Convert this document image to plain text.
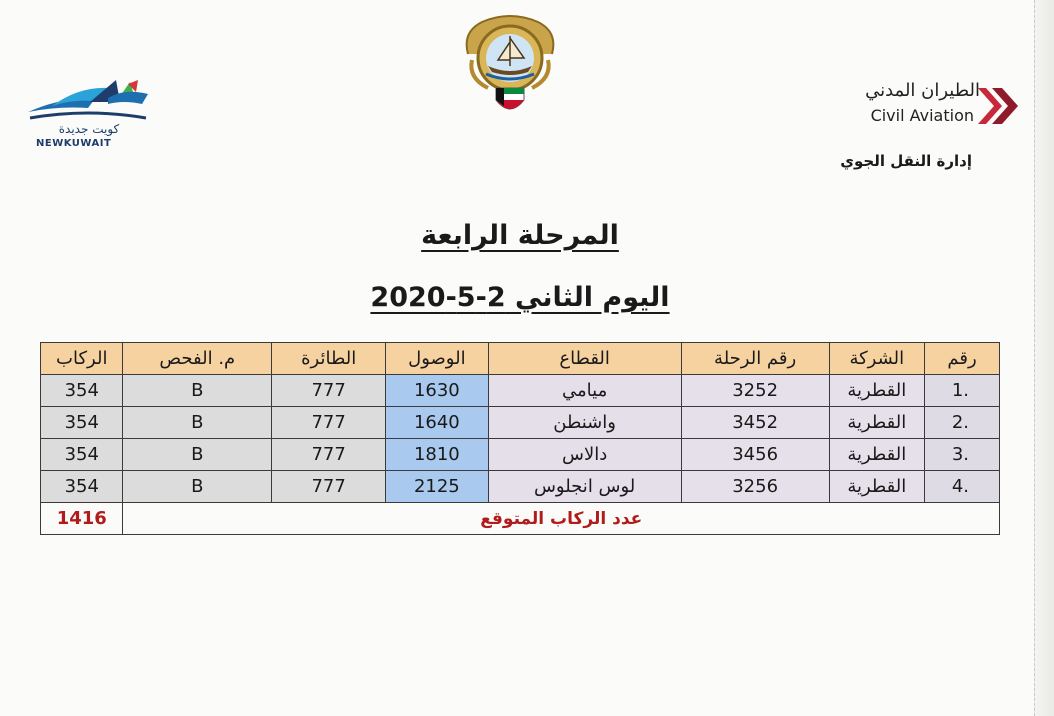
كويت جديدة
NEWKUWAIT
الطيران المدني
Civil Aviation
إدارة النقل الجوي
المرحلة الرابعة
اليوم الثاني 2-5-2020
رقم	الشركة	رقم الرحلة	القطاع	الوصول	الطائرة	م. الفحص	الركاب
.1	القطرية	3252	ميامي	1630	777	B	354
.2	القطرية	3452	واشنطن	1640	777	B	354
.3	القطرية	3456	دالاس	1810	777	B	354
.4	القطرية	3256	لوس انجلوس	2125	777	B	354
عدد الركاب المتوقع							1416
